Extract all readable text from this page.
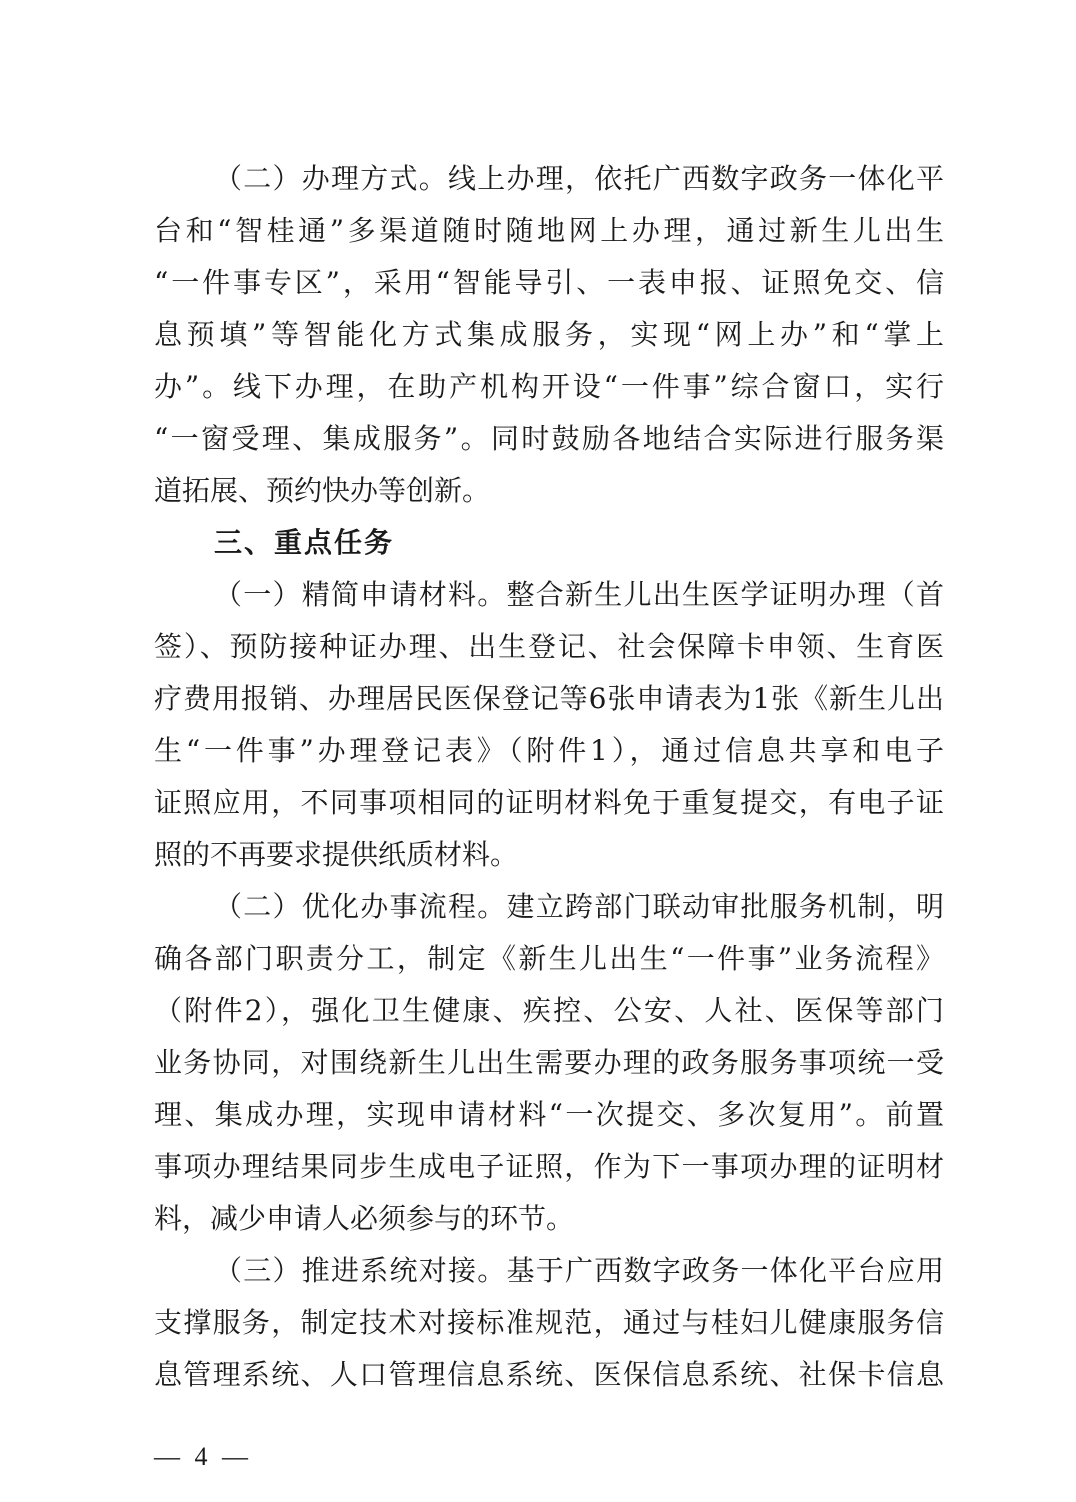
（二）办理方式。线上办理，依托广西数字政务一体化平
台和“智桂通”多渠道随时随地网上办理，通过新生儿出生
“一件事专区”，采用“智能导引、一表申报、证照免交、信
息预填”等智能化方式集成服务，实现“网上办”和“掌上
办”。线下办理，在助产机构开设“一件事”综合窗口，实行
“一窗受理、集成服务”。同时鼓励各地结合实际进行服务渠
道拓展、预约快办等创新。
三、重点任务
（一）精简申请材料。整合新生儿出生医学证明办理（首
签）、预防接种证办理、出生登记、社会保障卡申领、生育医
疗费用报销、办理居民医保登记等6张申请表为1张《新生儿出
生“一件事”办理登记表》（附件1），通过信息共享和电子
证照应用，不同事项相同的证明材料免于重复提交，有电子证
照的不再要求提供纸质材料。
（二）优化办事流程。建立跨部门联动审批服务机制，明
确各部门职责分工，制定《新生儿出生“一件事”业务流程》
（附件2），强化卫生健康、疾控、公安、人社、医保等部门
业务协同，对围绕新生儿出生需要办理的政务服务事项统一受
理、集成办理，实现申请材料“一次提交、多次复用”。前置
事项办理结果同步生成电子证照，作为下一事项办理的证明材
料，减少申请人必须参与的环节。
（三）推进系统对接。基于广西数字政务一体化平台应用
支撑服务，制定技术对接标准规范，通过与桂妇儿健康服务信
息管理系统、人口管理信息系统、医保信息系统、社保卡信息
— 4 —
